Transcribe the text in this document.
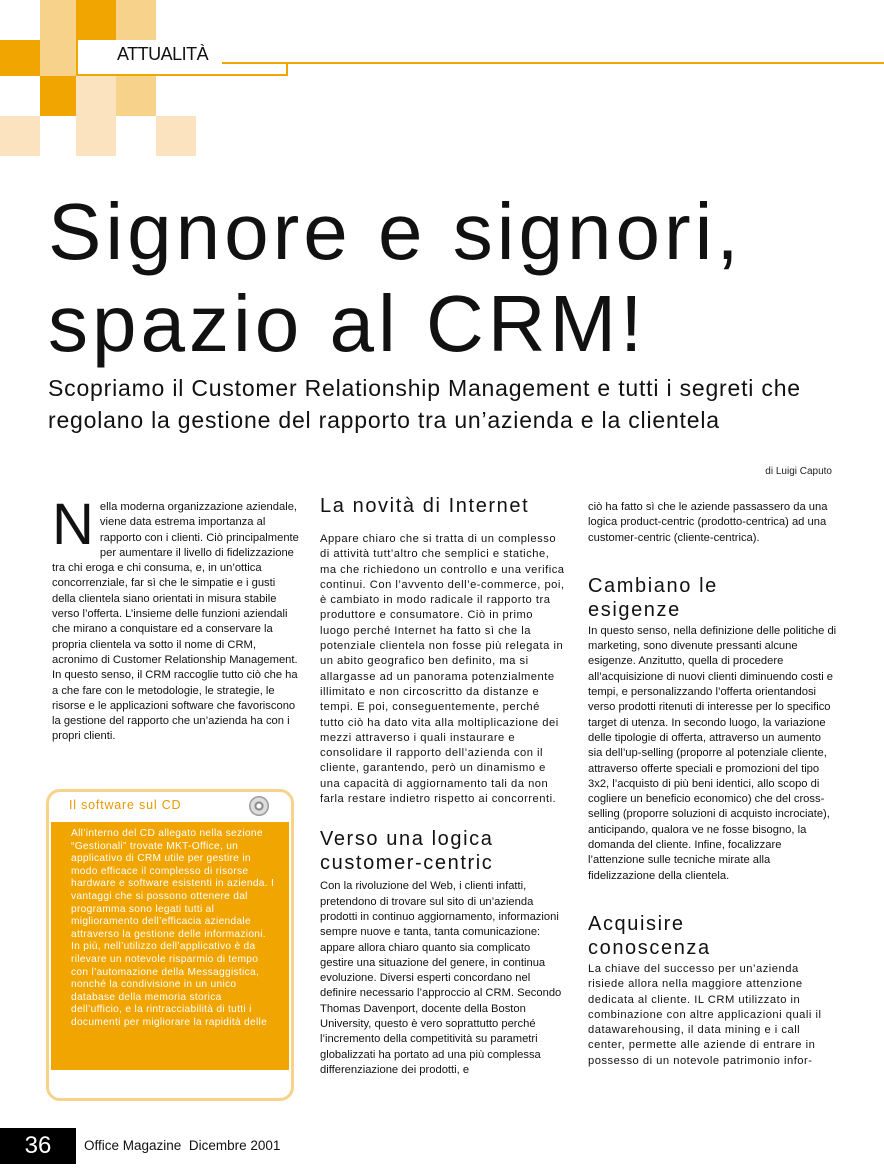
ATTUALITÀ
Signore e signori,
spazio al CRM!

Scopriamo il Customer Relationship Management e tutti i segreti che regolano la gestione del rapporto tra un’azienda e la clientela

di Luigi Caputo
N ella moderna organizzazione aziendale, viene data estrema importanza al rapporto con i clienti. Ciò principalmente per aumentare il livello di fidelizzazione tra chi eroga e chi consuma, e, in un’ottica concorrenziale, far sì che le simpatie e i gusti della clientela siano orientati in misura stabile verso l’offerta. L’insieme delle funzioni aziendali che mirano a conquistare ed a conservare la propria clientela va sotto il nome di CRM, acronimo di Customer Relationship Management. In questo senso, il CRM raccoglie tutto ciò che ha a che fare con le metodologie, le strategie, le risorse e le applicazioni software che favoriscono la gestione del rapporto che un’azienda ha con i propri clienti.

Il software sul CD
All’interno del CD allegato nella sezione “Gestionali” trovate MKT-Office, un applicativo di CRM utile per gestire in modo efficace il complesso di risorse hardware e software esistenti in azienda. I vantaggi che si possono ottenere dal programma sono legati tutti al miglioramento dell’efficacia aziendale attraverso la gestione delle informazioni. In più, nell’utilizzo dell’applicativo è da rilevare un notevole risparmio di tempo con l’automazione della Messaggistica, nonché la condivisione in un unico database della memoria storica dell’ufficio, e la rintracciabilità di tutti i documenti per migliorare la rapidità delle
La novità di Internet

Appare chiaro che si tratta di un complesso di attività tutt’altro che semplici e statiche, ma che richiedono un controllo e una verifica continui. Con l’avvento dell’e-commerce, poi, è cambiato in modo radicale il rapporto tra produttore e consumatore. Ciò in primo luogo perché Internet ha fatto sì che la potenziale clientela non fosse più relegata in un abito geografico ben definito, ma si allargasse ad un panorama potenzialmente illimitato e non circoscritto da distanze e tempi. E poi, conseguentemente, perché tutto ciò ha dato vita alla moltiplicazione dei mezzi attraverso i quali instaurare e consolidare il rapporto dell’azienda con il cliente, garantendo, però un dinamismo e una capacità di aggiornamento tali da non farla restare indietro rispetto ai concorrenti.

Verso una logica customer-centric

Con la rivoluzione del Web, i clienti infatti, pretendono di trovare sul sito di un’azienda prodotti in continuo aggiornamento, informazioni sempre nuove e tanta, tanta comunicazione: appare allora chiaro quanto sia complicato gestire una situazione del genere, in continua evoluzione. Diversi esperti concordano nel definire necessario l’approccio al CRM. Secondo Thomas Davenport, docente della Boston University, questo è vero soprattutto perché l’incremento della competitività su parametri globalizzati ha portato ad una più complessa differenziazione dei prodotti, e

ciò ha fatto sì che le aziende passassero da una logica product-centric (prodotto-centrica) ad una customer-centric (cliente-centrica).

Cambiano le esigenze

In questo senso, nella definizione delle politiche di marketing, sono divenute pressanti alcune esigenze. Anzitutto, quella di procedere all’acquisizione di nuovi clienti diminuendo costi e tempi, e personalizzando l’offerta orientandosi verso prodotti ritenuti di interesse per lo specifico target di utenza. In secondo luogo, la variazione delle tipologie di offerta, attraverso un aumento sia dell’up-selling (proporre al potenziale cliente, attraverso offerte speciali e promozioni del tipo 3x2, l’acquisto di più beni identici, allo scopo di cogliere un beneficio economico) che del cross-selling (proporre soluzioni di acquisto incrociate), anticipando, qualora ve ne fosse bisogno, la domanda del cliente. Infine, focalizzare l’attenzione sulle tecniche mirate alla fidelizzazione della clientela.

Acquisire conoscenza

La chiave del successo per un’azienda risiede allora nella maggiore attenzione dedicata al cliente. IL CRM utilizzato in combinazione con altre applicazioni quali il datawarehousing, il data mining e i call center, permette alle aziende di entrare in possesso di un notevole patrimonio infor-

36	Office Magazine Dicembre 2001
